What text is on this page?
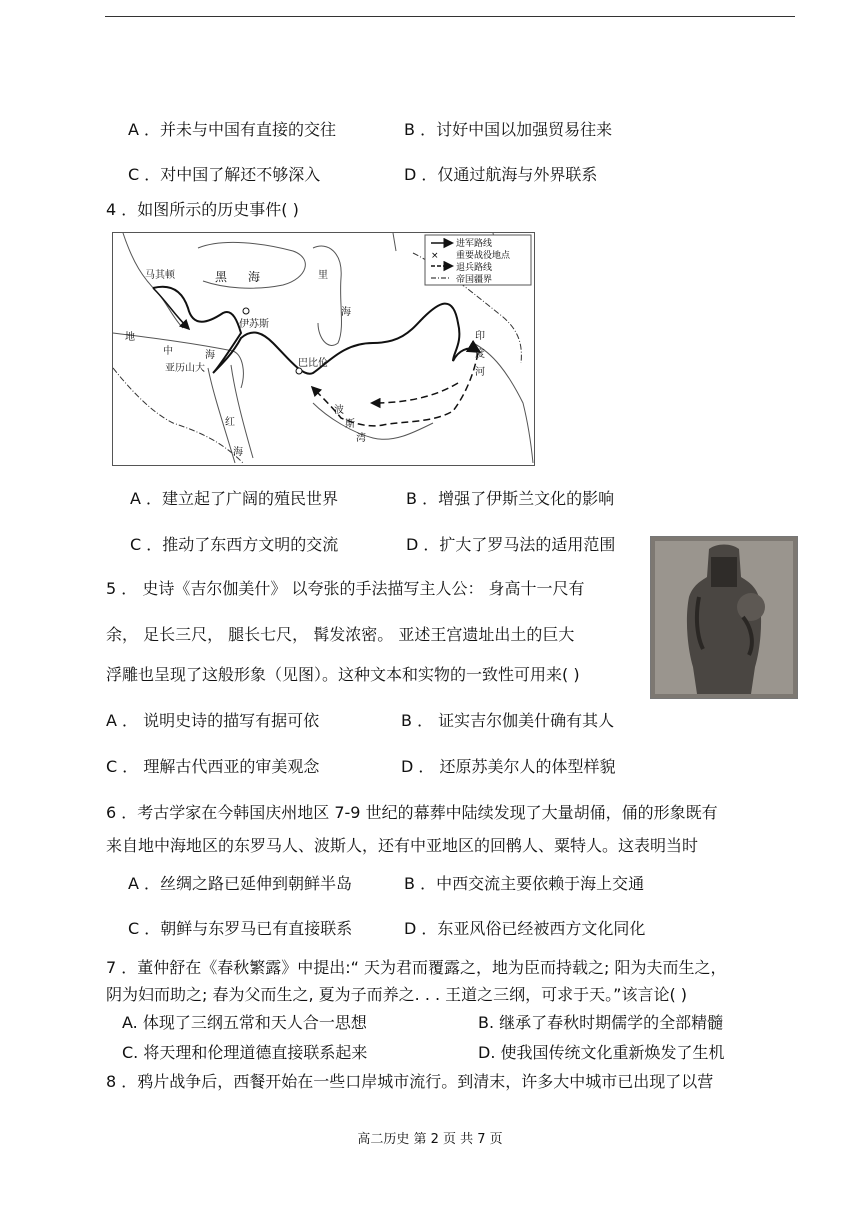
A ．并未与中国有直接的交往	B ．讨好中国以加强贸易往来
C ．对中国了解还不够深入	D ．仅通过航海与外界联系
4 ．如图所示的历史事件( )
×
进军路线
重要战役地点
退兵路线
帝国疆界
马其顿	黑 海	里
海
伊苏斯
地
中	海
亚历山大	巴比伦
印
度
河
红
海
波
斯
湾
A ．建立起了广阔的殖民世界	B ．增强了伊斯兰文化的影响
C ．推动了东西方文明的交流	D ．扩大了罗马法的适用范围
5 ． 史诗《吉尔伽美什》 以夸张的手法描写主人公： 身高十一尺有
余， 足长三尺， 腿长七尺， 髯发浓密。 亚述王宫遗址出土的巨大
浮雕也呈现了这般形象（见图）。这种文本和实物的一致性可用来( )
A ． 说明史诗的描写有据可依	B ． 证实吉尔伽美什确有其人
C ． 理解古代西亚的审美观念	D ． 还原苏美尔人的体型样貌
6 ．考古学家在今韩国庆州地区 7-9 世纪的幕葬中陆续发现了大量胡俑，俑的形象既有
来自地中海地区的东罗马人、波斯人，还有中亚地区的回鹘人、粟特人。这表明当时
A ．丝绸之路已延伸到朝鲜半岛	B ．中西交流主要依赖于海上交通
C ．朝鲜与东罗马已有直接联系	D ．东亚风俗已经被西方文化同化
7 ．董仲舒在《春秋繁露》中提出:“ 天为君而覆露之，地为臣而持载之; 阳为夫而生之，
阴为妇而助之; 春为父而生之, 夏为子而养之. . . 王道之三纲，可求于天。”该言论( )
A. 体现了三纲五常和天人合一思想	B. 继承了春秋时期儒学的全部精髓
C. 将天理和伦理道德直接联系起来	D. 使我国传统文化重新焕发了生机
8 ．鸦片战争后，西餐开始在一些口岸城市流行。到清末，许多大中城市已出现了以营
高二历史 第 2 页 共 7 页
